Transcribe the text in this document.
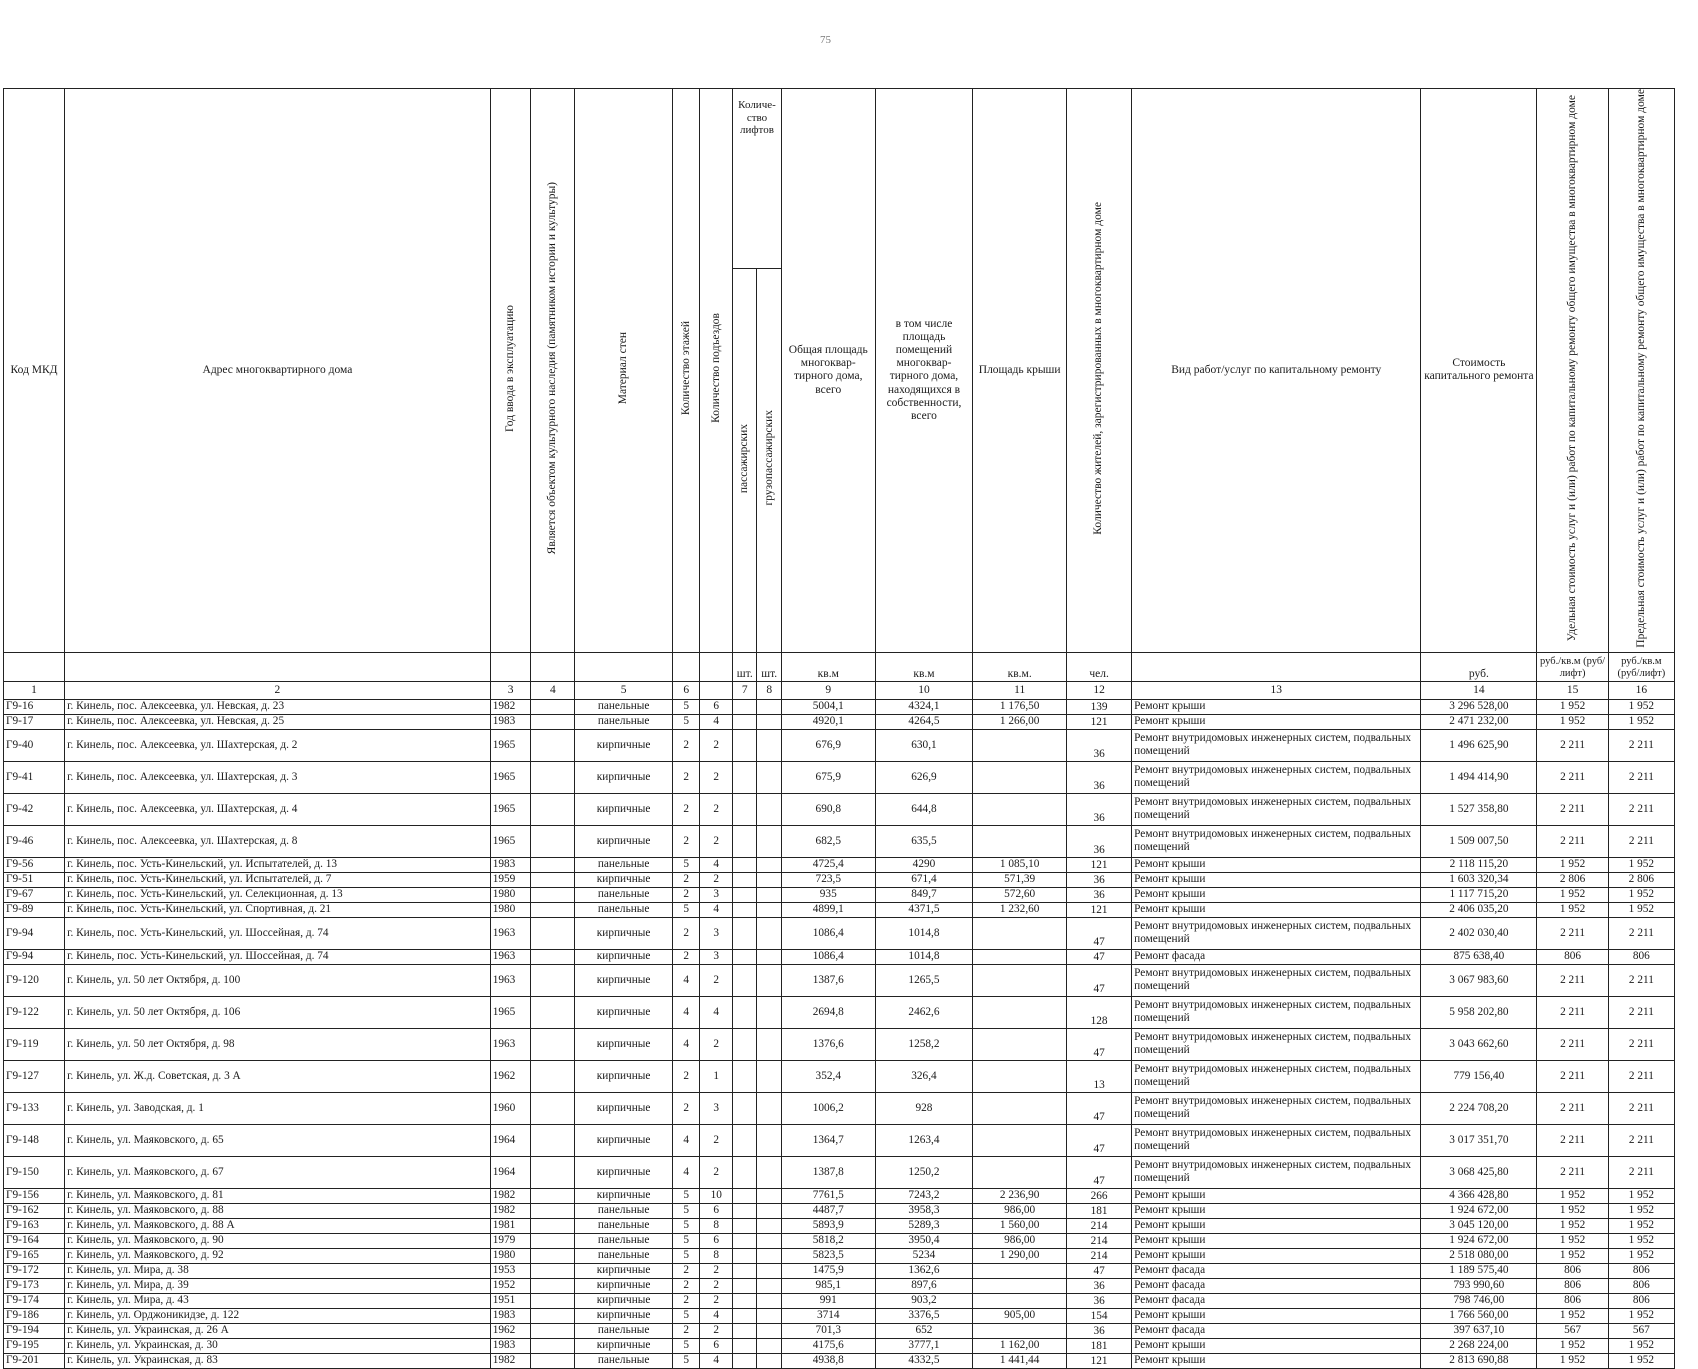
75
Код МКД	Адрес многоквартирного дома	Год ввода в эксплуатацию	Является объектом культурного наследия (памятником истории и культуры)	Материал стен	Количество этажей	Количество подъездов	Количе- ство лифтов		Общая площадь многоквар- тирного дома, всего	в том числе площадь помещений многоквар- тирного дома, находящихся в собственности, всего	Площадь крыши	Количество жителей, зарегистрированных в многоквартирном доме	Вид работ/услуг по капитальному ремонту	Стоимость капитального ремонта	Удельная стоимость услуг и (или) работ по капитальному ремонту общего имущества в многоквартирном доме	Предельная стоимость услуг и (или) работ по капитальному ремонту общего имущества в многоквартирном доме
							пассажирских	грузопассажирских								
							шт.	шт.	кв.м	кв.м	кв.м.	чел.		руб.	руб./кв.м (руб/лифт)	руб./кв.м (руб/лифт)
1	2	3	4	5	6		7	8	9	10	11	12	13	14	15	16
Г9-16	г. Кинель, пос. Алексеевка, ул. Невская, д. 23	1982		панельные	5	6			5004,1	4324,1	1 176,50	139	Ремонт крыши	3 296 528,00	1 952	1 952
Г9-17	г. Кинель, пос. Алексеевка, ул. Невская, д. 25	1983		панельные	5	4			4920,1	4264,5	1 266,00	121	Ремонт крыши	2 471 232,00	1 952	1 952
Г9-40	г. Кинель, пос. Алексеевка, ул. Шахтерская, д. 2	1965		кирпичные	2	2			676,9	630,1		36	Ремонт внутридомовых инженерных систем, подвальных помещений	1 496 625,90	2 211	2 211
Г9-41	г. Кинель, пос. Алексеевка, ул. Шахтерская, д. 3	1965		кирпичные	2	2			675,9	626,9		36	Ремонт внутридомовых инженерных систем, подвальных помещений	1 494 414,90	2 211	2 211
Г9-42	г. Кинель, пос. Алексеевка, ул. Шахтерская, д. 4	1965		кирпичные	2	2			690,8	644,8		36	Ремонт внутридомовых инженерных систем, подвальных помещений	1 527 358,80	2 211	2 211
Г9-46	г. Кинель, пос. Алексеевка, ул. Шахтерская, д. 8	1965		кирпичные	2	2			682,5	635,5		36	Ремонт внутридомовых инженерных систем, подвальных помещений	1 509 007,50	2 211	2 211
Г9-56	г. Кинель, пос. Усть-Кинельский, ул. Испытателей, д. 13	1983		панельные	5	4			4725,4	4290	1 085,10	121	Ремонт крыши	2 118 115,20	1 952	1 952
Г9-51	г. Кинель, пос. Усть-Кинельский, ул. Испытателей, д. 7	1959		кирпичные	2	2			723,5	671,4	571,39	36	Ремонт крыши	1 603 320,34	2 806	2 806
Г9-67	г. Кинель, пос. Усть-Кинельский, ул. Селекционная, д. 13	1980		панельные	2	3			935	849,7	572,60	36	Ремонт крыши	1 117 715,20	1 952	1 952
Г9-89	г. Кинель, пос. Усть-Кинельский, ул. Спортивная, д. 21	1980		панельные	5	4			4899,1	4371,5	1 232,60	121	Ремонт крыши	2 406 035,20	1 952	1 952
Г9-94	г. Кинель, пос. Усть-Кинельский, ул. Шоссейная, д. 74	1963		кирпичные	2	3			1086,4	1014,8		47	Ремонт внутридомовых инженерных систем, подвальных помещений	2 402 030,40	2 211	2 211
Г9-94	г. Кинель, пос. Усть-Кинельский, ул. Шоссейная, д. 74	1963		кирпичные	2	3			1086,4	1014,8		47	Ремонт фасада	875 638,40	806	806
Г9-120	г. Кинель, ул. 50 лет Октября, д. 100	1963		кирпичные	4	2			1387,6	1265,5		47	Ремонт внутридомовых инженерных систем, подвальных помещений	3 067 983,60	2 211	2 211
Г9-122	г. Кинель, ул. 50 лет Октября, д. 106	1965		кирпичные	4	4			2694,8	2462,6		128	Ремонт внутридомовых инженерных систем, подвальных помещений	5 958 202,80	2 211	2 211
Г9-119	г. Кинель, ул. 50 лет Октября, д. 98	1963		кирпичные	4	2			1376,6	1258,2		47	Ремонт внутридомовых инженерных систем, подвальных помещений	3 043 662,60	2 211	2 211
Г9-127	г. Кинель, ул. Ж.д. Советская, д. 3 А	1962		кирпичные	2	1			352,4	326,4		13	Ремонт внутридомовых инженерных систем, подвальных помещений	779 156,40	2 211	2 211
Г9-133	г. Кинель, ул. Заводская, д. 1	1960		кирпичные	2	3			1006,2	928		47	Ремонт внутридомовых инженерных систем, подвальных помещений	2 224 708,20	2 211	2 211
Г9-148	г. Кинель, ул. Маяковского, д. 65	1964		кирпичные	4	2			1364,7	1263,4		47	Ремонт внутридомовых инженерных систем, подвальных помещений	3 017 351,70	2 211	2 211
Г9-150	г. Кинель, ул. Маяковского, д. 67	1964		кирпичные	4	2			1387,8	1250,2		47	Ремонт внутридомовых инженерных систем, подвальных помещений	3 068 425,80	2 211	2 211
Г9-156	г. Кинель, ул. Маяковского, д. 81	1982		кирпичные	5	10			7761,5	7243,2	2 236,90	266	Ремонт крыши	4 366 428,80	1 952	1 952
Г9-162	г. Кинель, ул. Маяковского, д. 88	1982		панельные	5	6			4487,7	3958,3	986,00	181	Ремонт крыши	1 924 672,00	1 952	1 952
Г9-163	г. Кинель, ул. Маяковского, д. 88 А	1981		панельные	5	8			5893,9	5289,3	1 560,00	214	Ремонт крыши	3 045 120,00	1 952	1 952
Г9-164	г. Кинель, ул. Маяковского, д. 90	1979		панельные	5	6			5818,2	3950,4	986,00	214	Ремонт крыши	1 924 672,00	1 952	1 952
Г9-165	г. Кинель, ул. Маяковского, д. 92	1980		панельные	5	8			5823,5	5234	1 290,00	214	Ремонт крыши	2 518 080,00	1 952	1 952
Г9-172	г. Кинель, ул. Мира, д. 38	1953		кирпичные	2	2			1475,9	1362,6		47	Ремонт фасада	1 189 575,40	806	806
Г9-173	г. Кинель, ул. Мира, д. 39	1952		кирпичные	2	2			985,1	897,6		36	Ремонт фасада	793 990,60	806	806
Г9-174	г. Кинель, ул. Мира, д. 43	1951		кирпичные	2	2			991	903,2		36	Ремонт фасада	798 746,00	806	806
Г9-186	г. Кинель, ул. Орджоникидзе, д. 122	1983		кирпичные	5	4			3714	3376,5	905,00	154	Ремонт крыши	1 766 560,00	1 952	1 952
Г9-194	г. Кинель, ул. Украинская, д. 26 А	1962		панельные	2	2			701,3	652		36	Ремонт фасада	397 637,10	567	567
Г9-195	г. Кинель, ул. Украинская, д. 30	1983		кирпичные	5	6			4175,6	3777,1	1 162,00	181	Ремонт крыши	2 268 224,00	1 952	1 952
Г9-201	г. Кинель, ул. Украинская, д. 83	1982		панельные	5	4			4938,8	4332,5	1 441,44	121	Ремонт крыши	2 813 690,88	1 952	1 952
